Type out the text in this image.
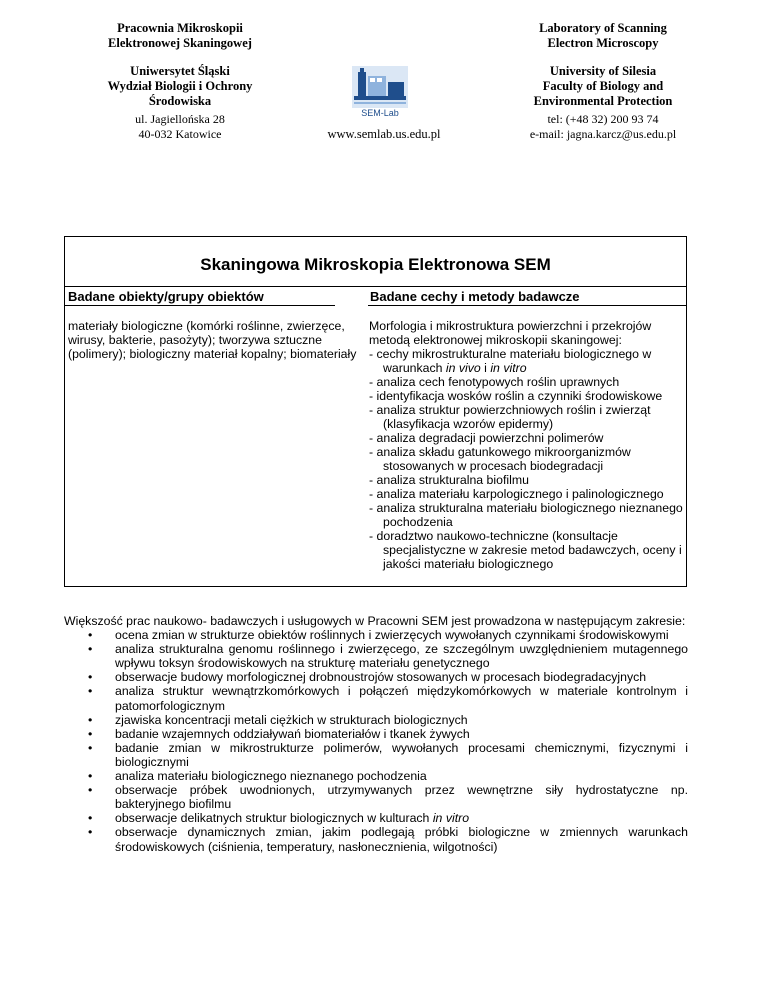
Pracownia Mikroskopii
Elektronowej Skaningowej
Uniwersytet Śląski
Wydział Biologii i Ochrony
Środowiska
ul. Jagiellońska 28
40-032 Katowice
SEM-Lab
Laboratory of Scanning
Electron Microscopy
University of Silesia
Faculty of Biology and
Environmental Protection
tel: (+48 32) 200 93 74
e-mail: jagna.karcz@us.edu.pl
www.semlab.us.edu.pl
Skaningowa Mikroskopia Elektronowa SEM
Badane obiekty/grupy obiektów	Badane cechy i metody badawcze
materiały biologiczne (komórki roślinne, zwierzęce, wirusy, bakterie, pasożyty); tworzywa sztuczne (polimery); biologiczny materiał kopalny; biomateriały
Morfologia i mikrostruktura powierzchni i przekrojów metodą elektronowej mikroskopii skaningowej:
- cechy mikrostrukturalne materiału biologicznego w warunkach in vivo i in vitro
- analiza cech fenotypowych roślin uprawnych
- identyfikacja wosków roślin a czynniki środowiskowe
- analiza struktur powierzchniowych roślin i zwierząt (klasyfikacja wzorów epidermy)
- analiza degradacji powierzchni polimerów
- analiza składu gatunkowego mikroorganizmów stosowanych w procesach biodegradacji
- analiza strukturalna biofilmu
- analiza materiału karpologicznego i palinologicznego
- analiza strukturalna materiału biologicznego nieznanego pochodzenia
- doradztwo naukowo-techniczne (konsultacje specjalistyczne w zakresie metod badawczych, oceny i jakości materiału biologicznego
Większość prac naukowo- badawczych i usługowych w Pracowni SEM jest prowadzona w następującym zakresie:
• ocena zmian w strukturze obiektów roślinnych i zwierzęcych wywołanych czynnikami środowiskowymi
• analiza strukturalna genomu roślinnego i zwierzęcego, ze szczególnym uwzględnieniem mutagennego wpływu toksyn środowiskowych na strukturę materiału genetycznego
• obserwacje budowy morfologicznej drobnoustrojów stosowanych w procesach biodegradacyjnych
• analiza struktur wewnątrzkomórkowych i połączeń międzykomórkowych w materiale kontrolnym i patomorfologicznym
• zjawiska koncentracji metali ciężkich w strukturach biologicznych
• badanie wzajemnych oddziaływań biomateriałów i tkanek żywych
• badanie zmian w mikrostrukturze polimerów, wywołanych procesami chemicznymi, fizycznymi i biologicznymi
• analiza materiału biologicznego nieznanego pochodzenia
• obserwacje próbek uwodnionych, utrzymywanych przez wewnętrzne siły hydrostatyczne np. bakteryjnego biofilmu
• obserwacje delikatnych struktur biologicznych w kulturach in vitro
• obserwacje dynamicznych zmian, jakim podlegają próbki biologiczne w zmiennych warunkach środowiskowych (ciśnienia, temperatury, nasłonecznienia, wilgotności)
